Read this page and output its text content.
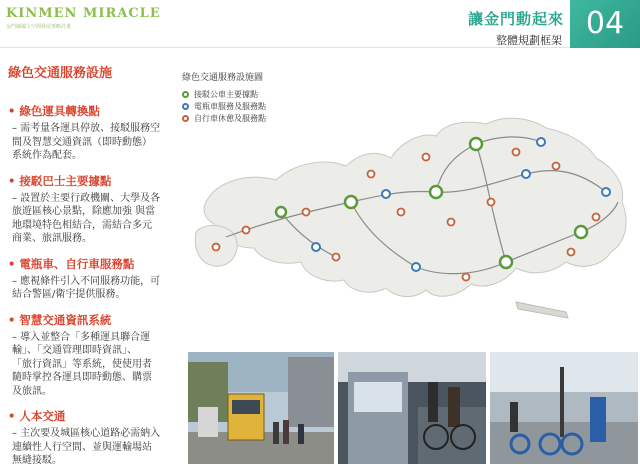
KINMEN MIRACLE
金門縣國土空間發展策略計畫	讓金門動起來
整體規劃框架 04
綠色交通服務設施
• 綠色運具轉換點
– 需考量各運具停放、接駁服務空
間及智慧交通資訊（即時動態）
系統作為配套。
• 接駁巴士主要據點
– 設置於主要行政機關、大學及各
旅遊區核心景點，除應加強 與當
地環境特色相結合，需結合多元
商業、旅訊服務。
• 電瓶車、自行車服務點
– 應視條件引入不同服務功能，可
結合警區/衛宇提供服務。
• 智慧交通資訊系統
– 導入並整合「多種運具聯合運
輸」、「交通管理即時資訊」、
「旅行資訊」等系統，使使用者
隨時掌控各運具即時動態、購票
及旅訊。
• 人本交通
– 主次要及城區核心道路必需納入
連續性人行空間、並與運輸場站
無縫接駁。
綠色交通服務設施圖
接駁公車主要據點
電瓶車服務及服務點
自行車休憩及服務點
